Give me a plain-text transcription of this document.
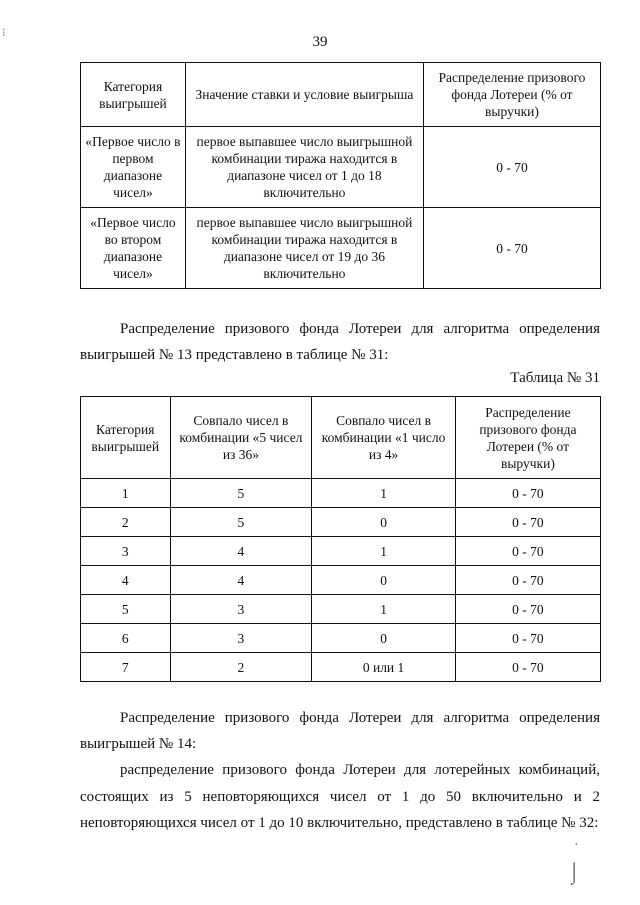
39
Категория выигрышей	Значение ставки и условие выигрыша	Распределение призового фонда Лотереи (% от выручки)
«Первое число в первом диапазоне чисел»	первое выпавшее число выигрышной комбинации тиража находится в диапазоне чисел от 1 до 18 включительно	0 - 70
«Первое число во втором диапазоне чисел»	первое выпавшее число выигрышной комбинации тиража находится в диапазоне чисел от 19 до 36 включительно	0 - 70
Распределение призового фонда Лотереи для алгоритма определения выигрышей № 13 представлено в таблице № 31:
Таблица № 31
Категория выигрышей	Совпало чисел в комбинации «5 чисел из 36»	Совпало чисел в комбинации «1 число из 4»	Распределение призового фонда Лотереи (% от выручки)
1	5	1	0 - 70
2	5	0	0 - 70
3	4	1	0 - 70
4	4	0	0 - 70
5	3	1	0 - 70
6	3	0	0 - 70
7	2	0 или 1	0 - 70
Распределение призового фонда Лотереи для алгоритма определения выигрышей № 14:
распределение призового фонда Лотереи для лотерейных комбинаций, состоящих из 5 неповторяющихся чисел от 1 до 50 включительно и 2 неповторяющихся чисел от 1 до 10 включительно, представлено в таблице № 32:
·
⌡
⁝
